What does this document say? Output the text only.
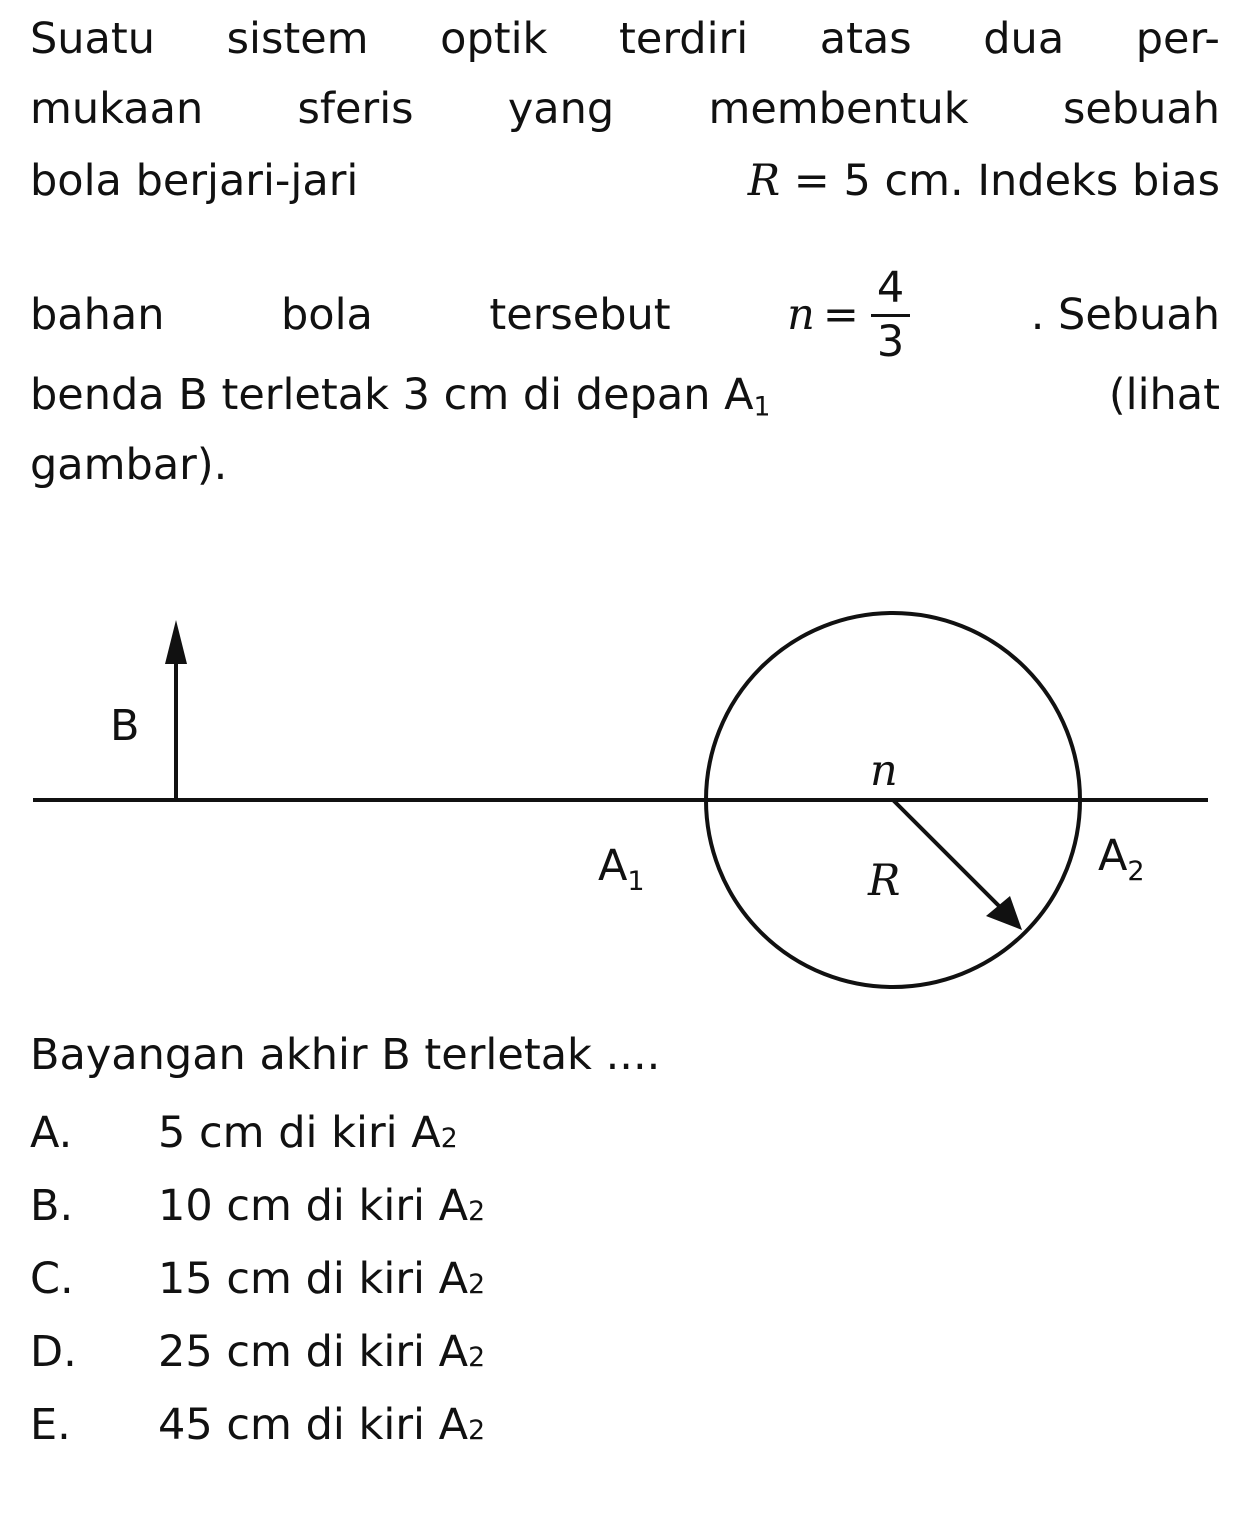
Suatu sistem optik terdiri atas dua per-
mukaan sferis yang membentuk sebuah
bola berjari-jari	R = 5 cm. Indeks bias
bahan	bola	tersebut	$n = \frac{4}{3}$	. Sebuah
benda B terletak 3 cm di depan $A_1$	(lihat
gambar).
B
n
$A_1$	R	$A_2$
Bayangan akhir B terletak ....
A.	5 cm di kiri A 2
B.	10 cm di kiri A 2
C.	15 cm di kiri A 2
D.	25 cm di kiri A 2
E.	45 cm di kiri A 2
